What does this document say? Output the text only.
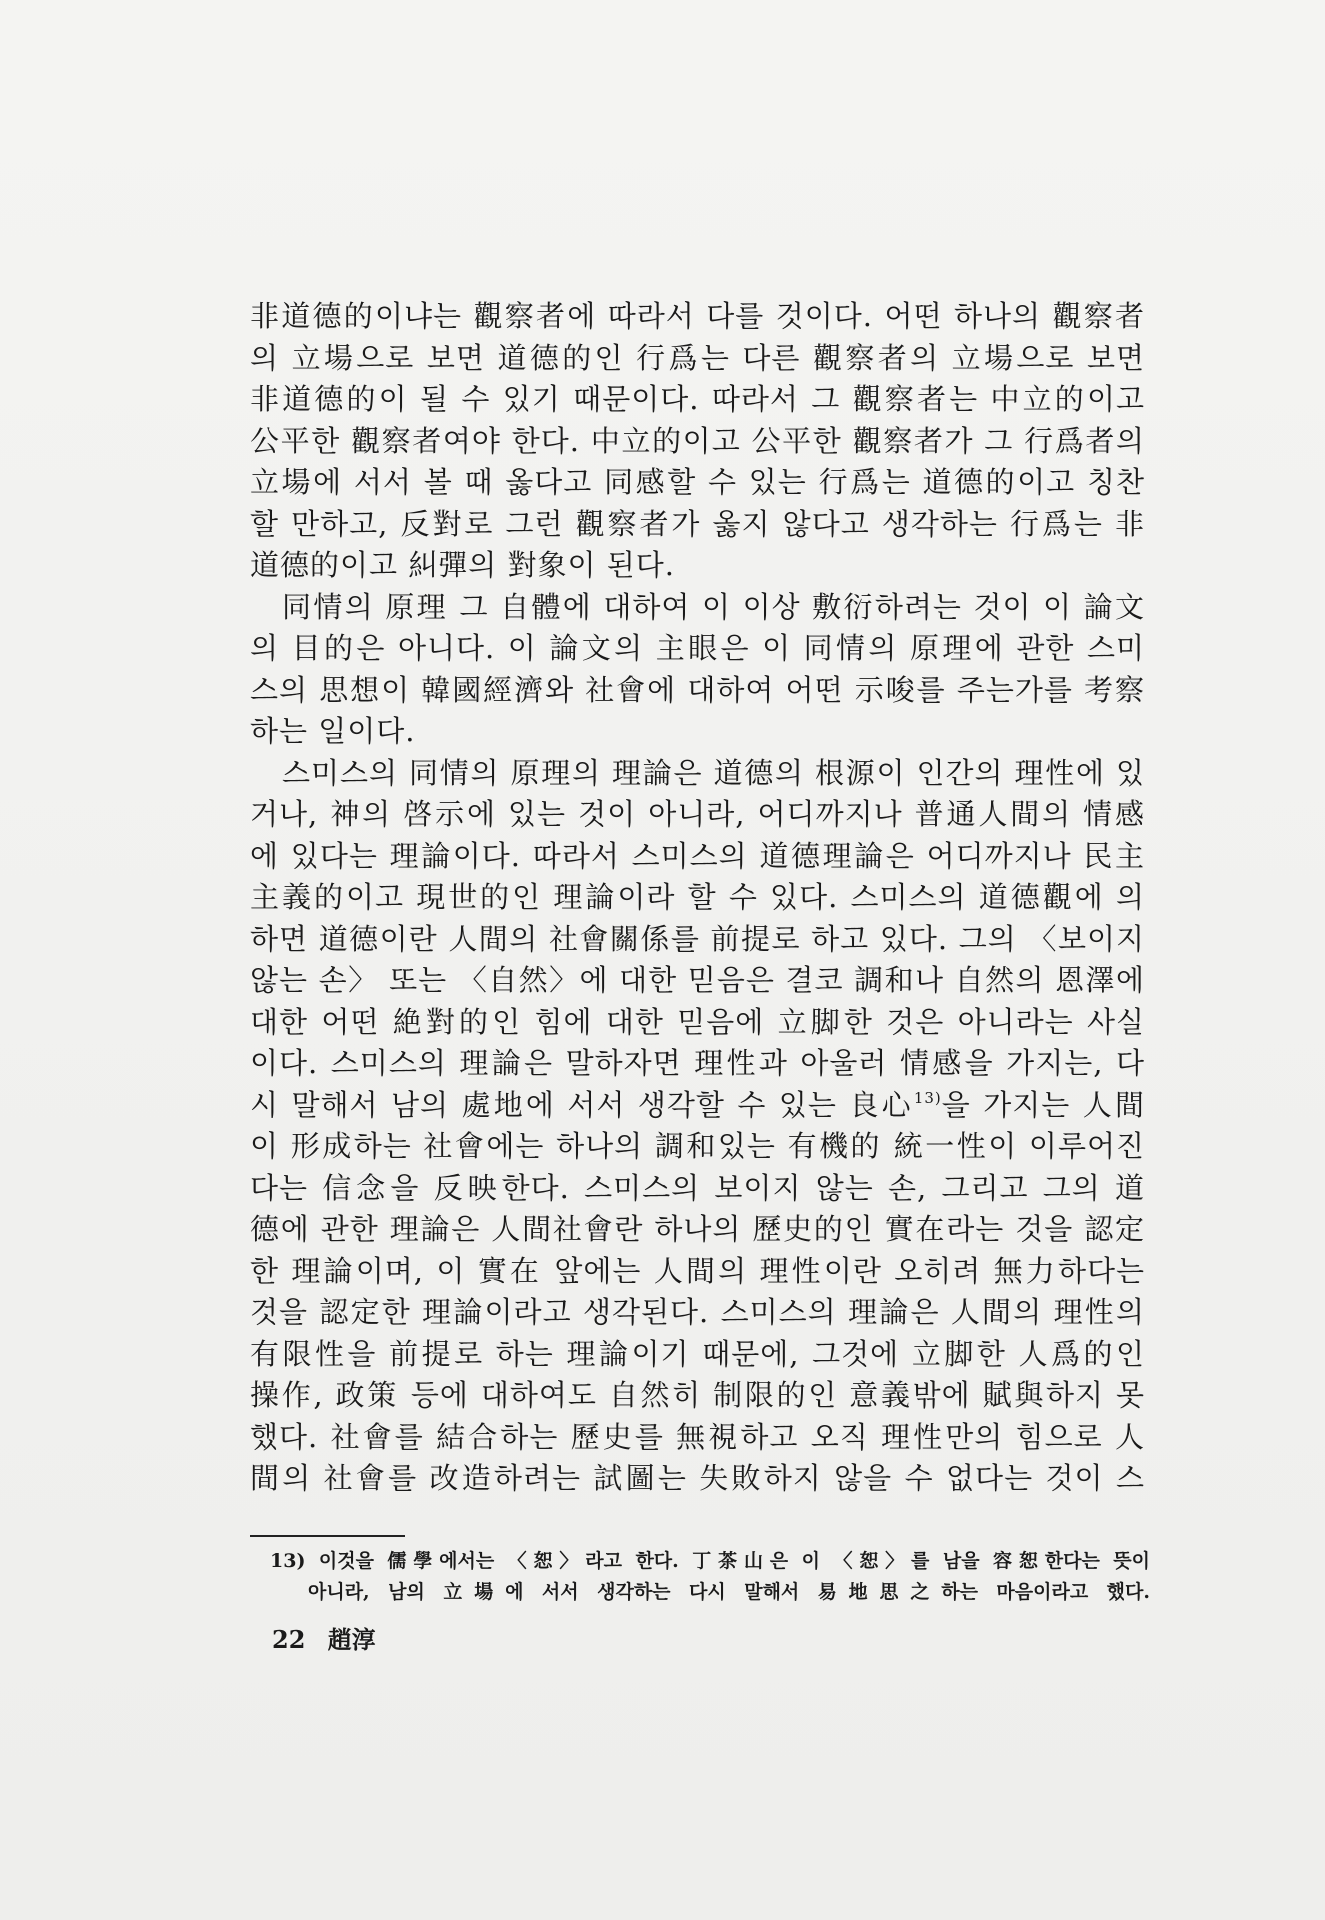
非道德的이냐는 觀察者에 따라서 다를 것이다. 어떤 하나의 觀察者
의 立場으로 보면 道德的인 行爲는 다른 觀察者의 立場으로 보면
非道德的이 될 수 있기 때문이다. 따라서 그 觀察者는 中立的이고
公平한 觀察者여야 한다. 中立的이고 公平한 觀察者가 그 行爲者의
立場에 서서 볼 때 옳다고 同感할 수 있는 行爲는 道德的이고 칭찬
할 만하고, 反對로 그런 觀察者가 옳지 않다고 생각하는 行爲는 非
道德的이고 糾彈의 對象이 된다.
同情의 原理 그 自體에 대하여 이 이상 敷衍하려는 것이 이 論文
의 目的은 아니다. 이 論文의 主眼은 이 同情의 原理에 관한 스미
스의 思想이 韓國經濟와 社會에 대하여 어떤 示唆를 주는가를 考察
하는 일이다.
스미스의 同情의 原理의 理論은 道德의 根源이 인간의 理性에 있
거나, 神의 啓示에 있는 것이 아니라, 어디까지나 普通人間의 情感
에 있다는 理論이다. 따라서 스미스의 道德理論은 어디까지나 民主
主義的이고 現世的인 理論이라 할 수 있다. 스미스의 道德觀에 의
하면 道德이란 人間의 社會關係를 前提로 하고 있다. 그의 〈보이지
않는 손〉 또는 〈自然〉에 대한 믿음은 결코 調和나 自然의 恩澤에
대한 어떤 絶對的인 힘에 대한 믿음에 立脚한 것은 아니라는 사실
이다. 스미스의 理論은 말하자면 理性과 아울러 情感을 가지는, 다
시 말해서 남의 處地에 서서 생각할 수 있는 良心$^{13)}$을 가지는 人間
이 形成하는 社會에는 하나의 調和있는 有機的 統一性이 이루어진
다는 信念을 反映한다. 스미스의 보이지 않는 손, 그리고 그의 道
德에 관한 理論은 人間社會란 하나의 歷史的인 實在라는 것을 認定
한 理論이며, 이 實在 앞에는 人間의 理性이란 오히려 無力하다는
것을 認定한 理論이라고 생각된다. 스미스의 理論은 人間의 理性의
有限性을 前提로 하는 理論이기 때문에, 그것에 立脚한 人爲的인
操作, 政策 등에 대하여도 自然히 制限的인 意義밖에 賦與하지 못
했다. 社會를 結合하는 歷史를 無視하고 오직 理性만의 힘으로 人
間의 社會를 改造하려는 試圖는 失敗하지 않을 수 없다는 것이 스
13) 이것을 儒學에서는 〈恕〉라고 한다. 丁茶山은 이 〈恕〉를 남을 容恕한다는 뜻이
아니라, 남의 立場에 서서 생각하는 다시 말해서 易地思之하는 마음이라고 했다.
22 趙淳
